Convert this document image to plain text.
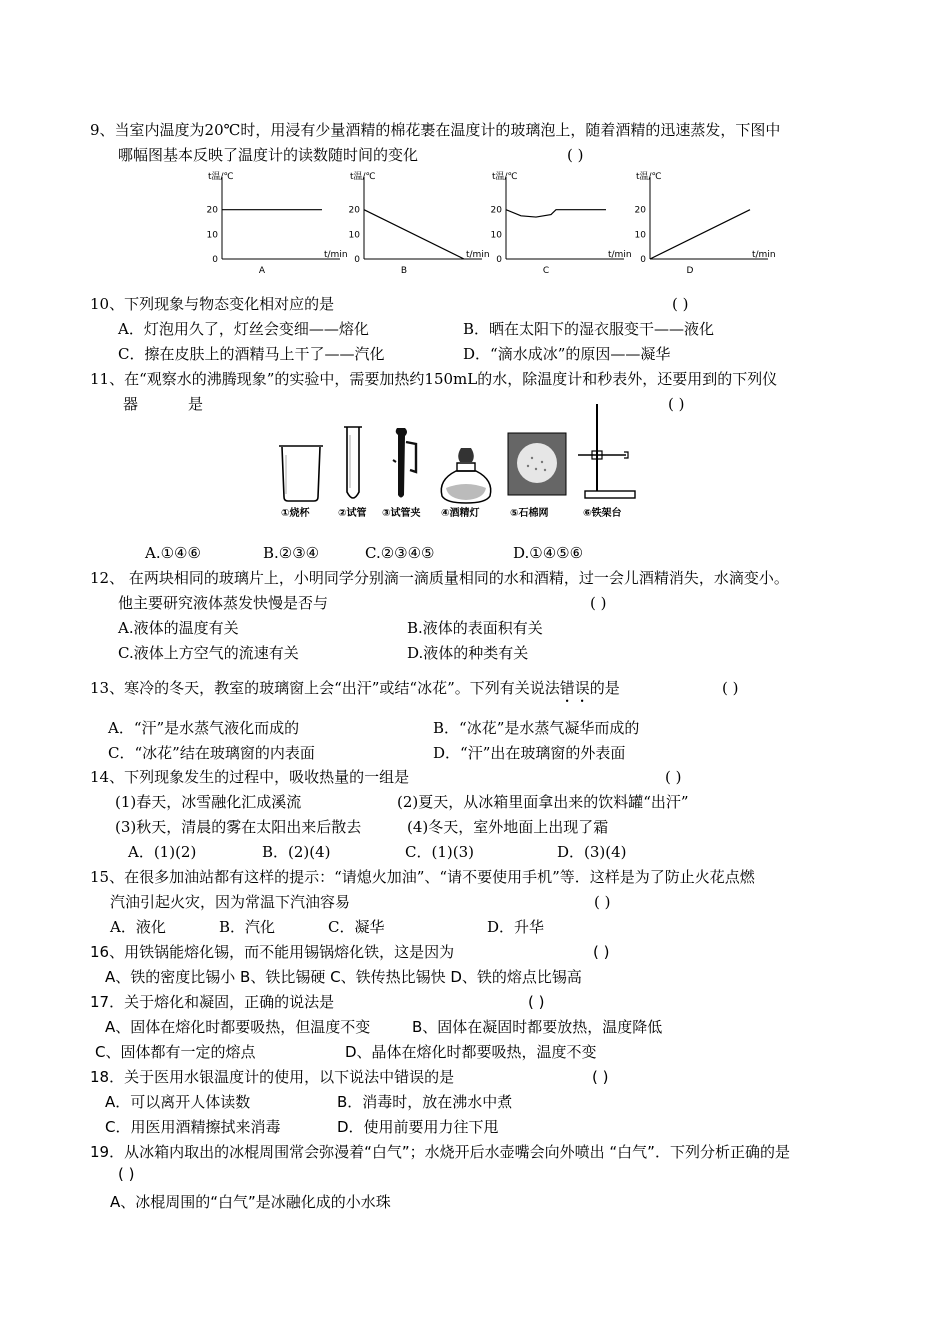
9、当室内温度为20℃时，用浸有少量酒精的棉花裹在温度计的玻璃泡上，随着酒精的迅速蒸发，下图中
哪幅图基本反映了温度计的读数随时间的变化	( )
0
10
20
t温/℃
t/min
A
0
10
20
t温/℃
t/min
B
0
10
20
t温/℃
t/min
C
0
10
20
t温/℃
t/min
D
10、下列现象与物态变化相对应的是	( )
A．灯泡用久了，灯丝会变细——熔化	B．晒在太阳下的湿衣服变干——液化
C．擦在皮肤上的酒精马上干了——汽化	D．“滴水成冰”的原因——凝华
11、在“观察水的沸腾现象”的实验中，需要加热约150mL的水，除温度计和秒表外，还要用到的下列仪
器	是	( )
①烧杯	②试管 ③试管夹 ④酒精灯	⑤石棉网	⑥铁架台
A.①④⑥	B.②③④	C.②③④⑤	D.①④⑤⑥
12、 在两块相同的玻璃片上，小明同学分别滴一滴质量相同的水和酒精，过一会儿酒精消失，水滴变小。
他主要研究液体蒸发快慢是否与	( )
A.液体的温度有关	B.液体的表面积有关
C.液体上方空气的流速有关	D.液体的种类有关
13、寒冷的冬天，教室的玻璃窗上会“出汗”或结“冰花”。下列有关说法错误的是	( )
A．“汗”是水蒸气液化而成的	B．“冰花”是水蒸气凝华而成的
C．“冰花”结在玻璃窗的内表面	D．“汗”出在玻璃窗的外表面
14、下列现象发生的过程中，吸收热量的一组是	( )
(1)春天，冰雪融化汇成溪流	(2)夏天，从冰箱里面拿出来的饮料罐“出汗”
(3)秋天，清晨的雾在太阳出来后散去	(4)冬天，室外地面上出现了霜
A．(1)(2)	B．(2)(4)	C．(1)(3)	D．(3)(4)
15、在很多加油站都有这样的提示：“请熄火加油”、“请不要使用手机”等．这样是为了防止火花点燃
汽油引起火灾，因为常温下汽油容易	( )
A．液化	B．汽化	C．凝华	D．升华
16、用铁锅能熔化锡，而不能用锡锅熔化铁，这是因为	( )
A、铁的密度比锡小 B、铁比锡硬 C、铁传热比锡快 D、铁的熔点比锡高
17．关于熔化和凝固，正确的说法是	( )
A、固体在熔化时都要吸热，但温度不变	B、固体在凝固时都要放热，温度降低
C、固体都有一定的熔点	D、晶体在熔化时都要吸热，温度不变
18．关于医用水银温度计的使用，以下说法中错误的是	( )
A．可以离开人体读数	B．消毒时，放在沸水中煮
C．用医用酒精擦拭来消毒	D．使用前要用力往下甩
19．从冰箱内取出的冰棍周围常会弥漫着“白气”；水烧开后水壶嘴会向外喷出 “白气”．下列分析正确的是
( )
A、冰棍周围的“白气”是冰融化成的小水珠
